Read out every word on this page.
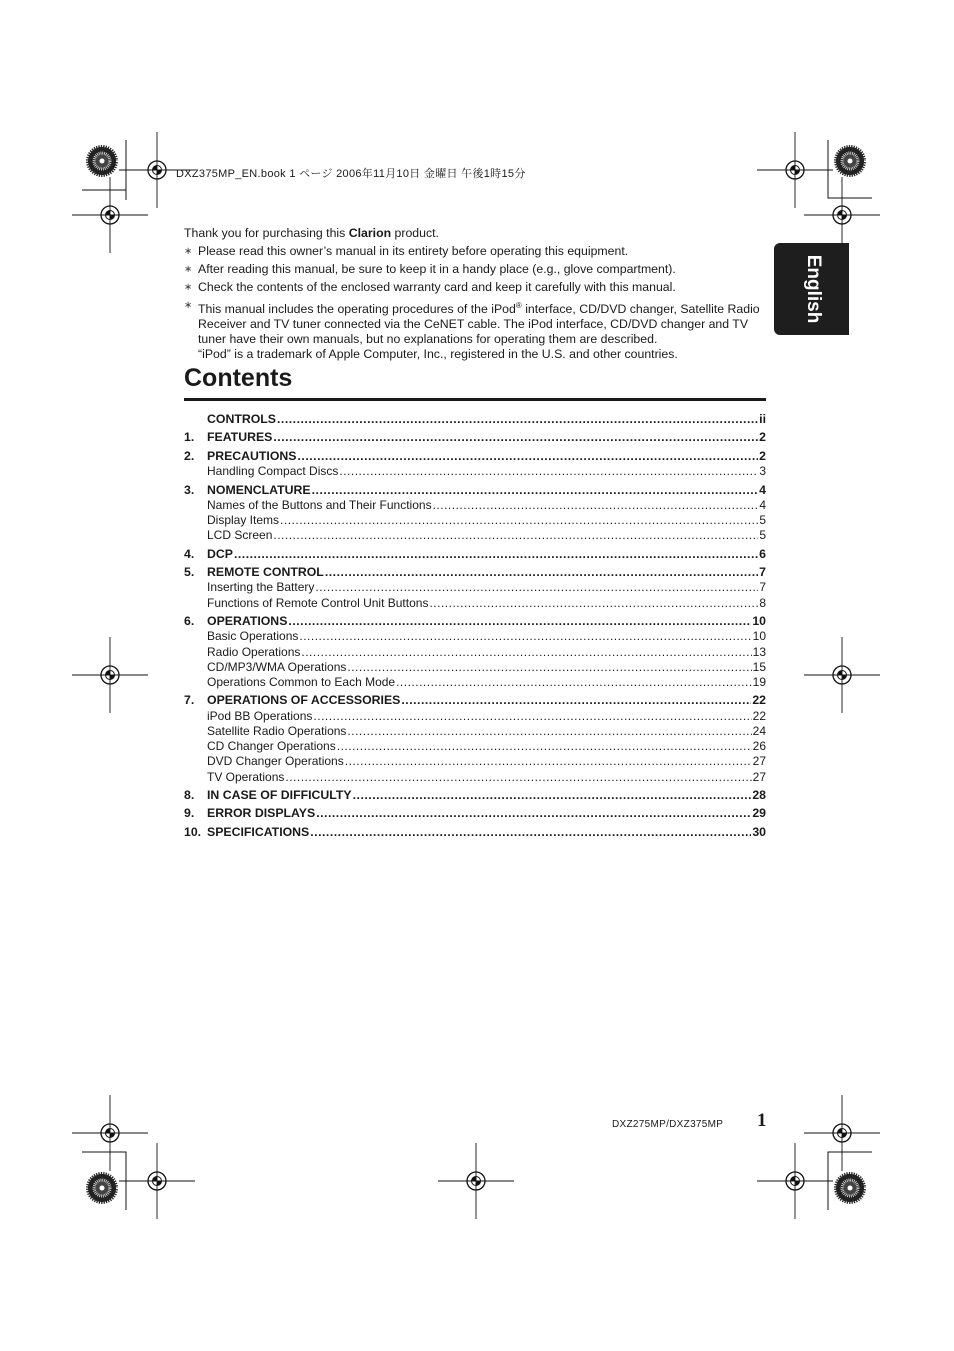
DXZ375MP_EN.book 1 ページ 2006年11月10日 金曜日 午後1時15分
English
Thank you for purchasing this Clarion product.
∗ Please read this owner’s manual in its entirety before operating this equipment.
∗ After reading this manual, be sure to keep it in a handy place (e.g., glove compartment).
∗ Check the contents of the enclosed warranty card and keep it carefully with this manual.
∗ This manual includes the operating procedures of the iPod® interface, CD/DVD changer, Satellite Radio Receiver and TV tuner connected via the CeNET cable. The iPod interface, CD/DVD changer and TV tuner have their own manuals, but no explanations for operating them are described.
“iPod” is a trademark of Apple Computer, Inc., registered in the U.S. and other countries.
Contents
CONTROLS .....	ii
1.	FEATURES .....	2
2.	PRECAUTIONS .....	2
Handling Compact Discs .....	3
3.	NOMENCLATURE .....	4
Names of the Buttons and Their Functions .....	4
Display Items .....	5
LCD Screen .....	5
4.	DCP .....	6
5.	REMOTE CONTROL .....	7
Inserting the Battery .....	7
Functions of Remote Control Unit Buttons .....	8
6.	OPERATIONS .....	10
Basic Operations .....	10
Radio Operations .....	13
CD/MP3/WMA Operations .....	15
Operations Common to Each Mode .....	19
7.	OPERATIONS OF ACCESSORIES .....	22
iPod BB Operations .....	22
Satellite Radio Operations .....	24
CD Changer Operations .....	26
DVD Changer Operations .....	27
TV Operations .....	27
8.	IN CASE OF DIFFICULTY .....	28
9.	ERROR DISPLAYS .....	29
10. SPECIFICATIONS .....	30
DXZ275MP/DXZ375MP 1
